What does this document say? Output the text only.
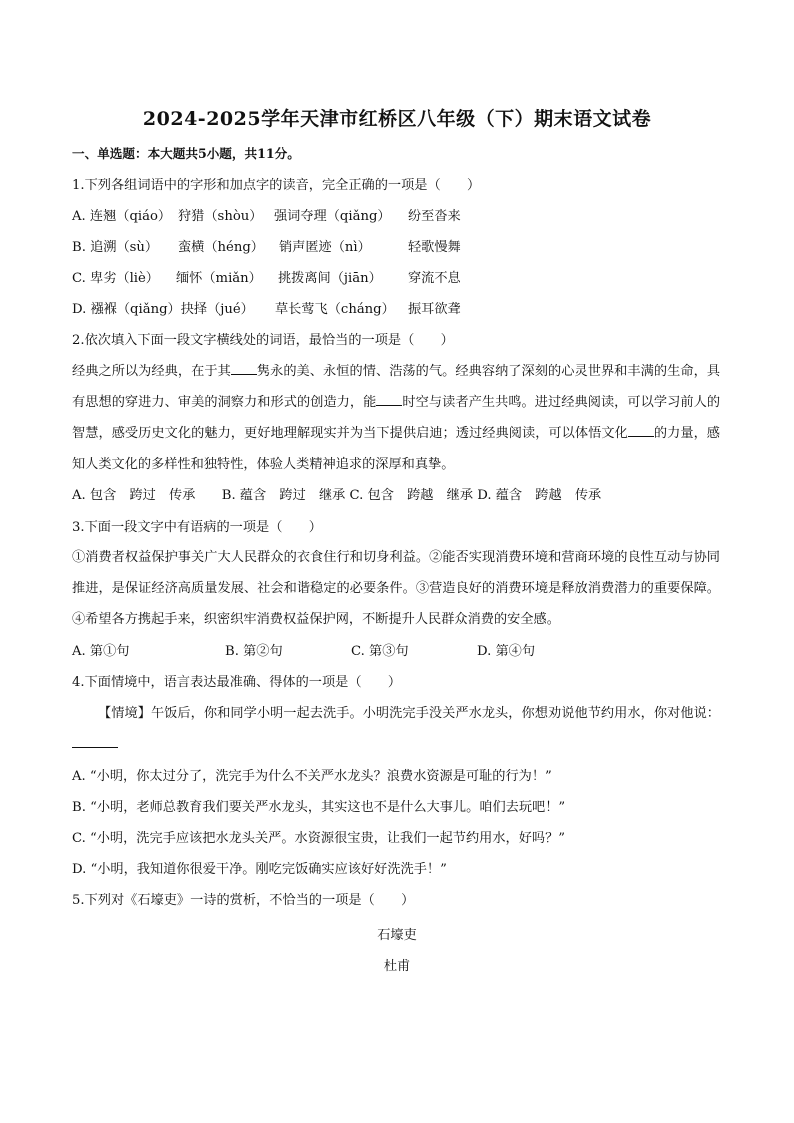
2024-2025学年天津市红桥区八年级（下）期末语文试卷
一、单选题：本大题共5小题，共11分。
1.下列各组词语中的字形和加点字的读音，完全正确的一项是（　　）
A. 连翘（qiáo） 狩猎（shòu） 强词夺理（qiǎng） 纷至沓来
B. 追溯（sù） 蛮横（héng） 销声匿迹（nì）	轻歌慢舞
C. 卑劣（liè） 缅怀（miǎn） 挑拨离间（jiān） 穿流不息
D. 襁褓（qiǎng）抉择（jué） 草长莺飞（cháng） 振耳欲聋
2.依次填入下面一段文字横线处的词语，最恰当的一项是（　　）
经典之所以为经典，在于其 隽永的美、永恒的情、浩荡的气。经典容纳了深刻的心灵世界和丰满的生命，具有思想的穿进力、审美的洞察力和形式的创造力，能 时空与读者产生共鸣。进过经典阅读，可以学习前人的智慧，感受历史文化的魅力，更好地理解现实并为当下提供启迪；透过经典阅读，可以体悟文化 的力量，感知人类文化的多样性和独特性，体验人类精神追求的深厚和真挚。
A. 包含　跨过　传承　　B. 蕴含　跨过　继承 C. 包含　跨越　继承 D. 蕴含　跨越　传承
3.下面一段文字中有语病的一项是（　　）
①消费者权益保护事关广大人民群众的衣食住行和切身利益。②能否实现消费环境和营商环境的良性互动与协同推进，是保证经济高质量发展、社会和谐稳定的必要条件。③营造良好的消费环境是释放消费潜力的重要保障。④希望各方携起手来，织密织牢消费权益保护网，不断提升人民群众消费的安全感。
A. 第①句	B. 第②句	C. 第③句	D. 第④句
4.下面情境中，语言表达最准确、得体的一项是（　　）
【情境】午饭后，你和同学小明一起去洗手。小明洗完手没关严水龙头，你想劝说他节约用水，你对他说：
A. “小明，你太过分了，洗完手为什么不关严水龙头？浪费水资源是可耻的行为！”
B. “小明，老师总教育我们要关严水龙头，其实这也不是什么大事儿。咱们去玩吧！”
C. “小明，洗完手应该把水龙头关严。水资源很宝贵，让我们一起节约用水，好吗？”
D. “小明，我知道你很爱干净。刚吃完饭确实应该好好洗洗手！”
5.下列对《石壕吏》一诗的赏析，不恰当的一项是（　　）
石壕吏
杜甫
